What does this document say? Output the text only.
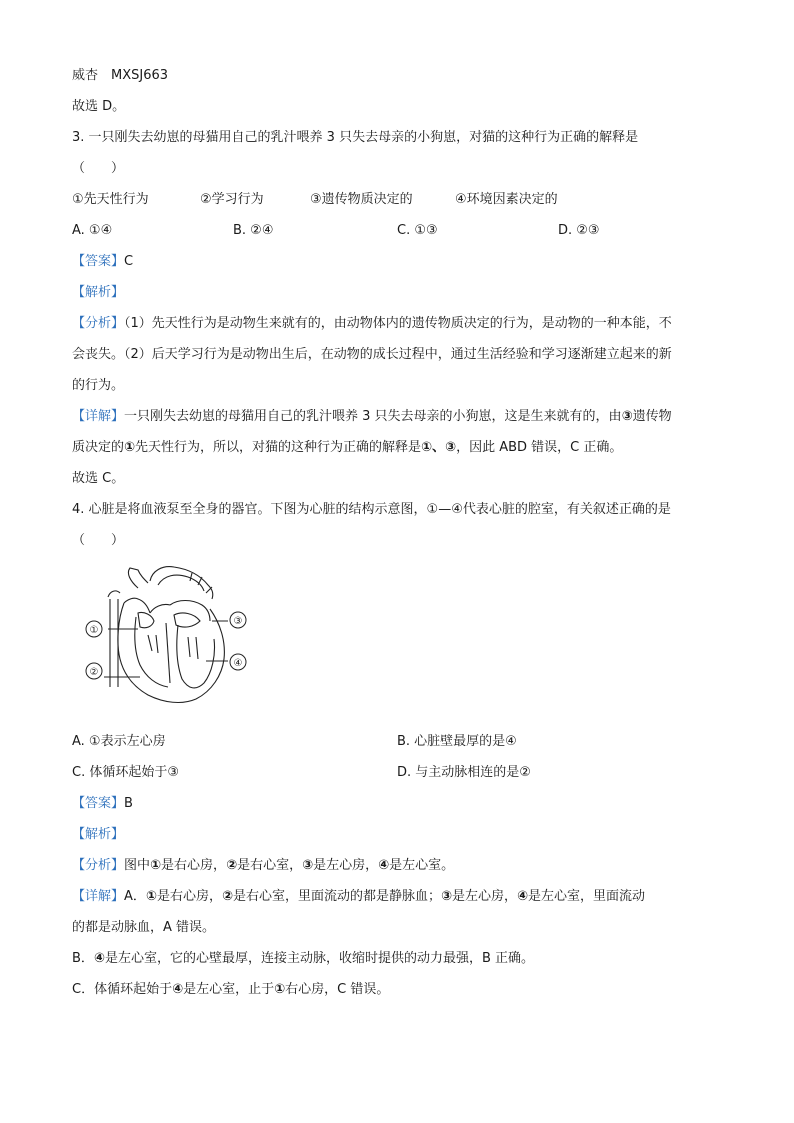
威杏　MXSJ663
故选 D。
3. 一只刚失去幼崽的母猫用自己的乳汁喂养 3 只失去母亲的小狗崽，对猫的这种行为正确的解释是
（　　）
①先天性行为	②学习行为	③遗传物质决定的	④环境因素决定的
A. ①④	B. ②④	C. ①③	D. ②③
【答案】C
【解析】
【分析】（1）先天性行为是动物生来就有的，由动物体内的遗传物质决定的行为，是动物的一种本能，不
会丧失。（2）后天学习行为是动物出生后，在动物的成长过程中，通过生活经验和学习逐渐建立起来的新
的行为。
【详解】一只刚失去幼崽的母猫用自己的乳汁喂养 3 只失去母亲的小狗崽，这是生来就有的，由③遗传物
质决定的①先天性行为，所以，对猫的这种行为正确的解释是①、③，因此 ABD 错误，C 正确。
故选 C。
4. 心脏是将血液泵至全身的器官。下图为心脏的结构示意图，①—④代表心脏的腔室，有关叙述正确的是
（　　）
①
②
③
④
A. ①表示左心房	B. 心脏壁最厚的是④
C. 体循环起始于③	D. 与主动脉相连的是②
【答案】B
【解析】
【分析】图中①是右心房，②是右心室，③是左心房，④是左心室。
【详解】A．①是右心房，②是右心室，里面流动的都是静脉血；③是左心房，④是左心室，里面流动
的都是动脉血，A 错误。
B．④是左心室，它的心壁最厚，连接主动脉，收缩时提供的动力最强，B 正确。
C．体循环起始于④是左心室，止于①右心房，C 错误。
